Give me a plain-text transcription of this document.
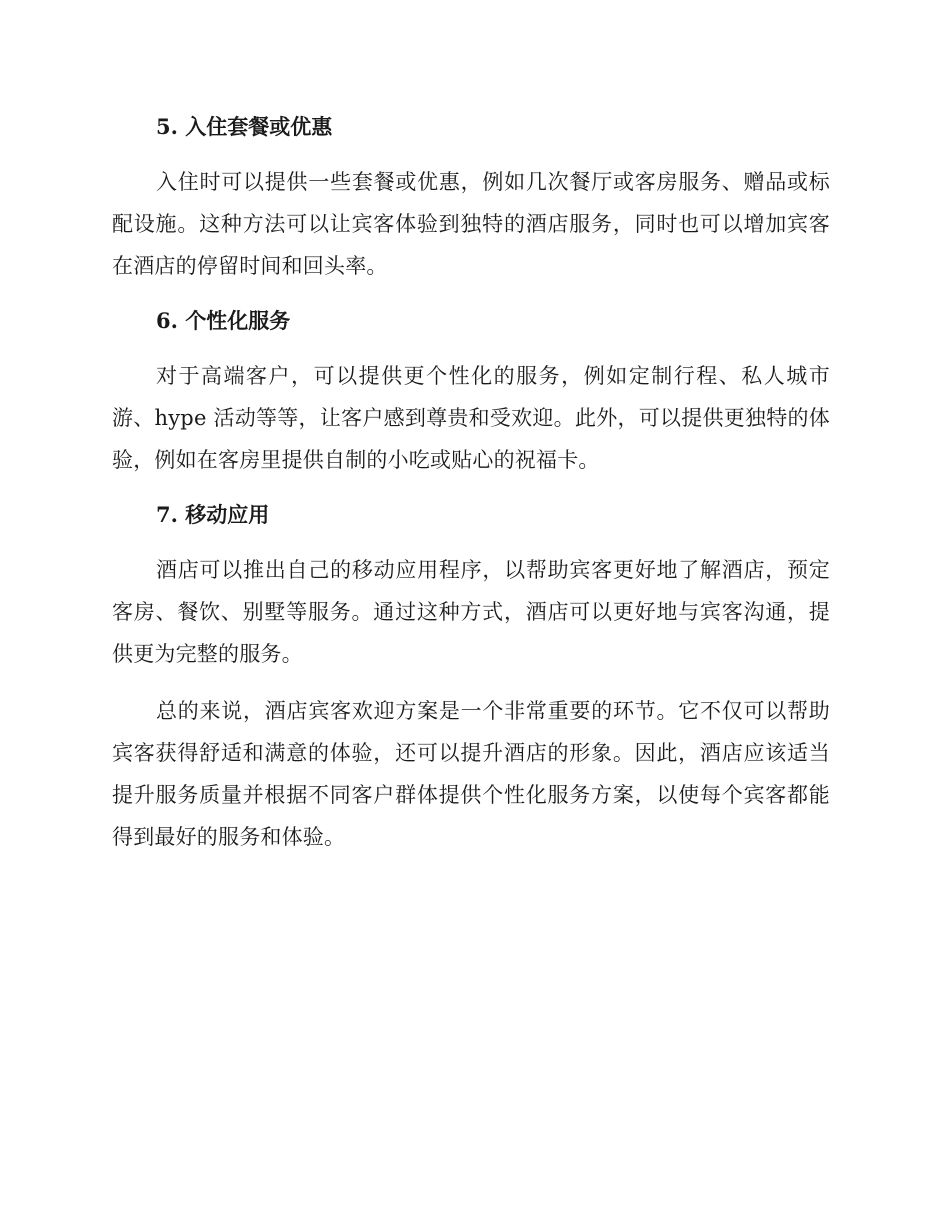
5. 入住套餐或优惠

入住时可以提供一些套餐或优惠，例如几次餐厅或客房服务、赠品或标配设施。这种方法可以让宾客体验到独特的酒店服务，同时也可以增加宾客在酒店的停留时间和回头率。

6. 个性化服务

对于高端客户，可以提供更个性化的服务，例如定制行程、私人城市游、hype 活动等等，让客户感到尊贵和受欢迎。此外，可以提供更独特的体验，例如在客房里提供自制的小吃或贴心的祝福卡。

7. 移动应用

酒店可以推出自己的移动应用程序，以帮助宾客更好地了解酒店，预定客房、餐饮、别墅等服务。通过这种方式，酒店可以更好地与宾客沟通，提供更为完整的服务。

总的来说，酒店宾客欢迎方案是一个非常重要的环节。它不仅可以帮助宾客获得舒适和满意的体验，还可以提升酒店的形象。因此，酒店应该适当提升服务质量并根据不同客户群体提供个性化服务方案，以使每个宾客都能得到最好的服务和体验。
